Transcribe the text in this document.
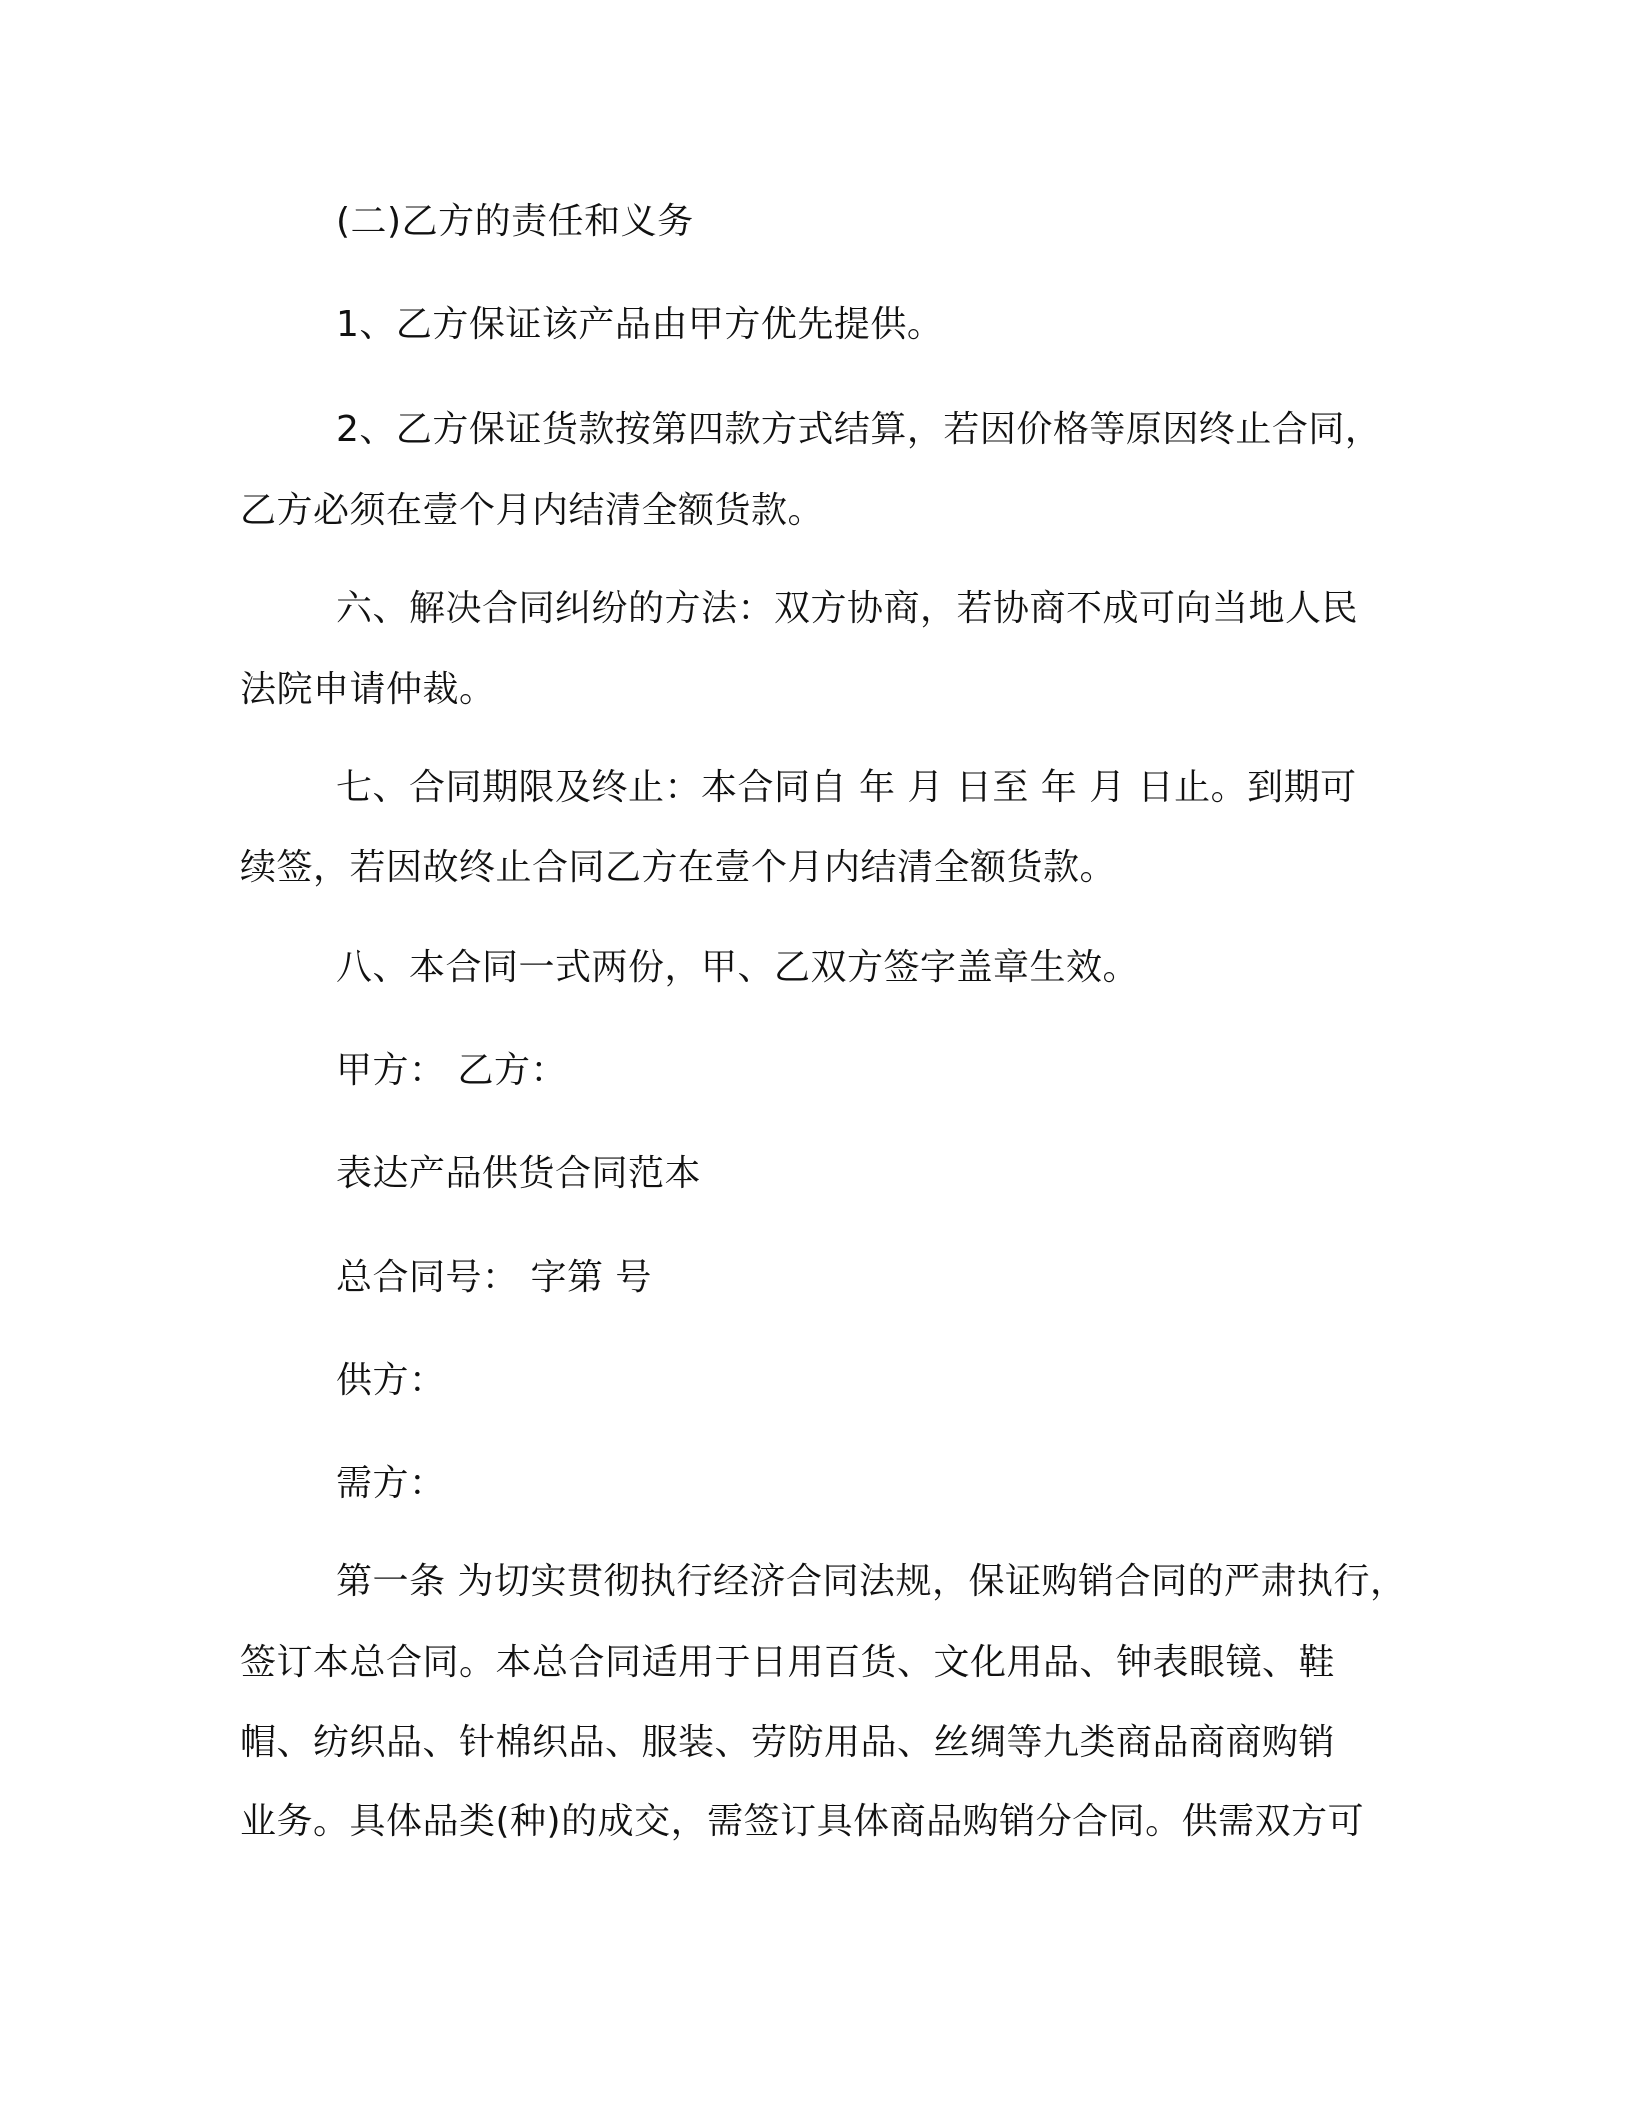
(二)乙方的责任和义务
1、乙方保证该产品由甲方优先提供。
2、乙方保证货款按第四款方式结算，若因价格等原因终止合同，
乙方必须在壹个月内结清全额货款。
六、解决合同纠纷的方法：双方协商，若协商不成可向当地人民
法院申请仲裁。
七、合同期限及终止：本合同自 年 月 日至 年 月 日止。到期可
续签，若因故终止合同乙方在壹个月内结清全额货款。
八、本合同一式两份，甲、乙双方签字盖章生效。
甲方： 乙方：
表达产品供货合同范本
总合同号： 字第 号
供方：
需方：
第一条 为切实贯彻执行经济合同法规，保证购销合同的严肃执行，
签订本总合同。本总合同适用于日用百货、文化用品、钟表眼镜、鞋
帽、纺织品、针棉织品、服装、劳防用品、丝绸等九类商品商商购销
业务。具体品类(种)的成交，需签订具体商品购销分合同。供需双方可
